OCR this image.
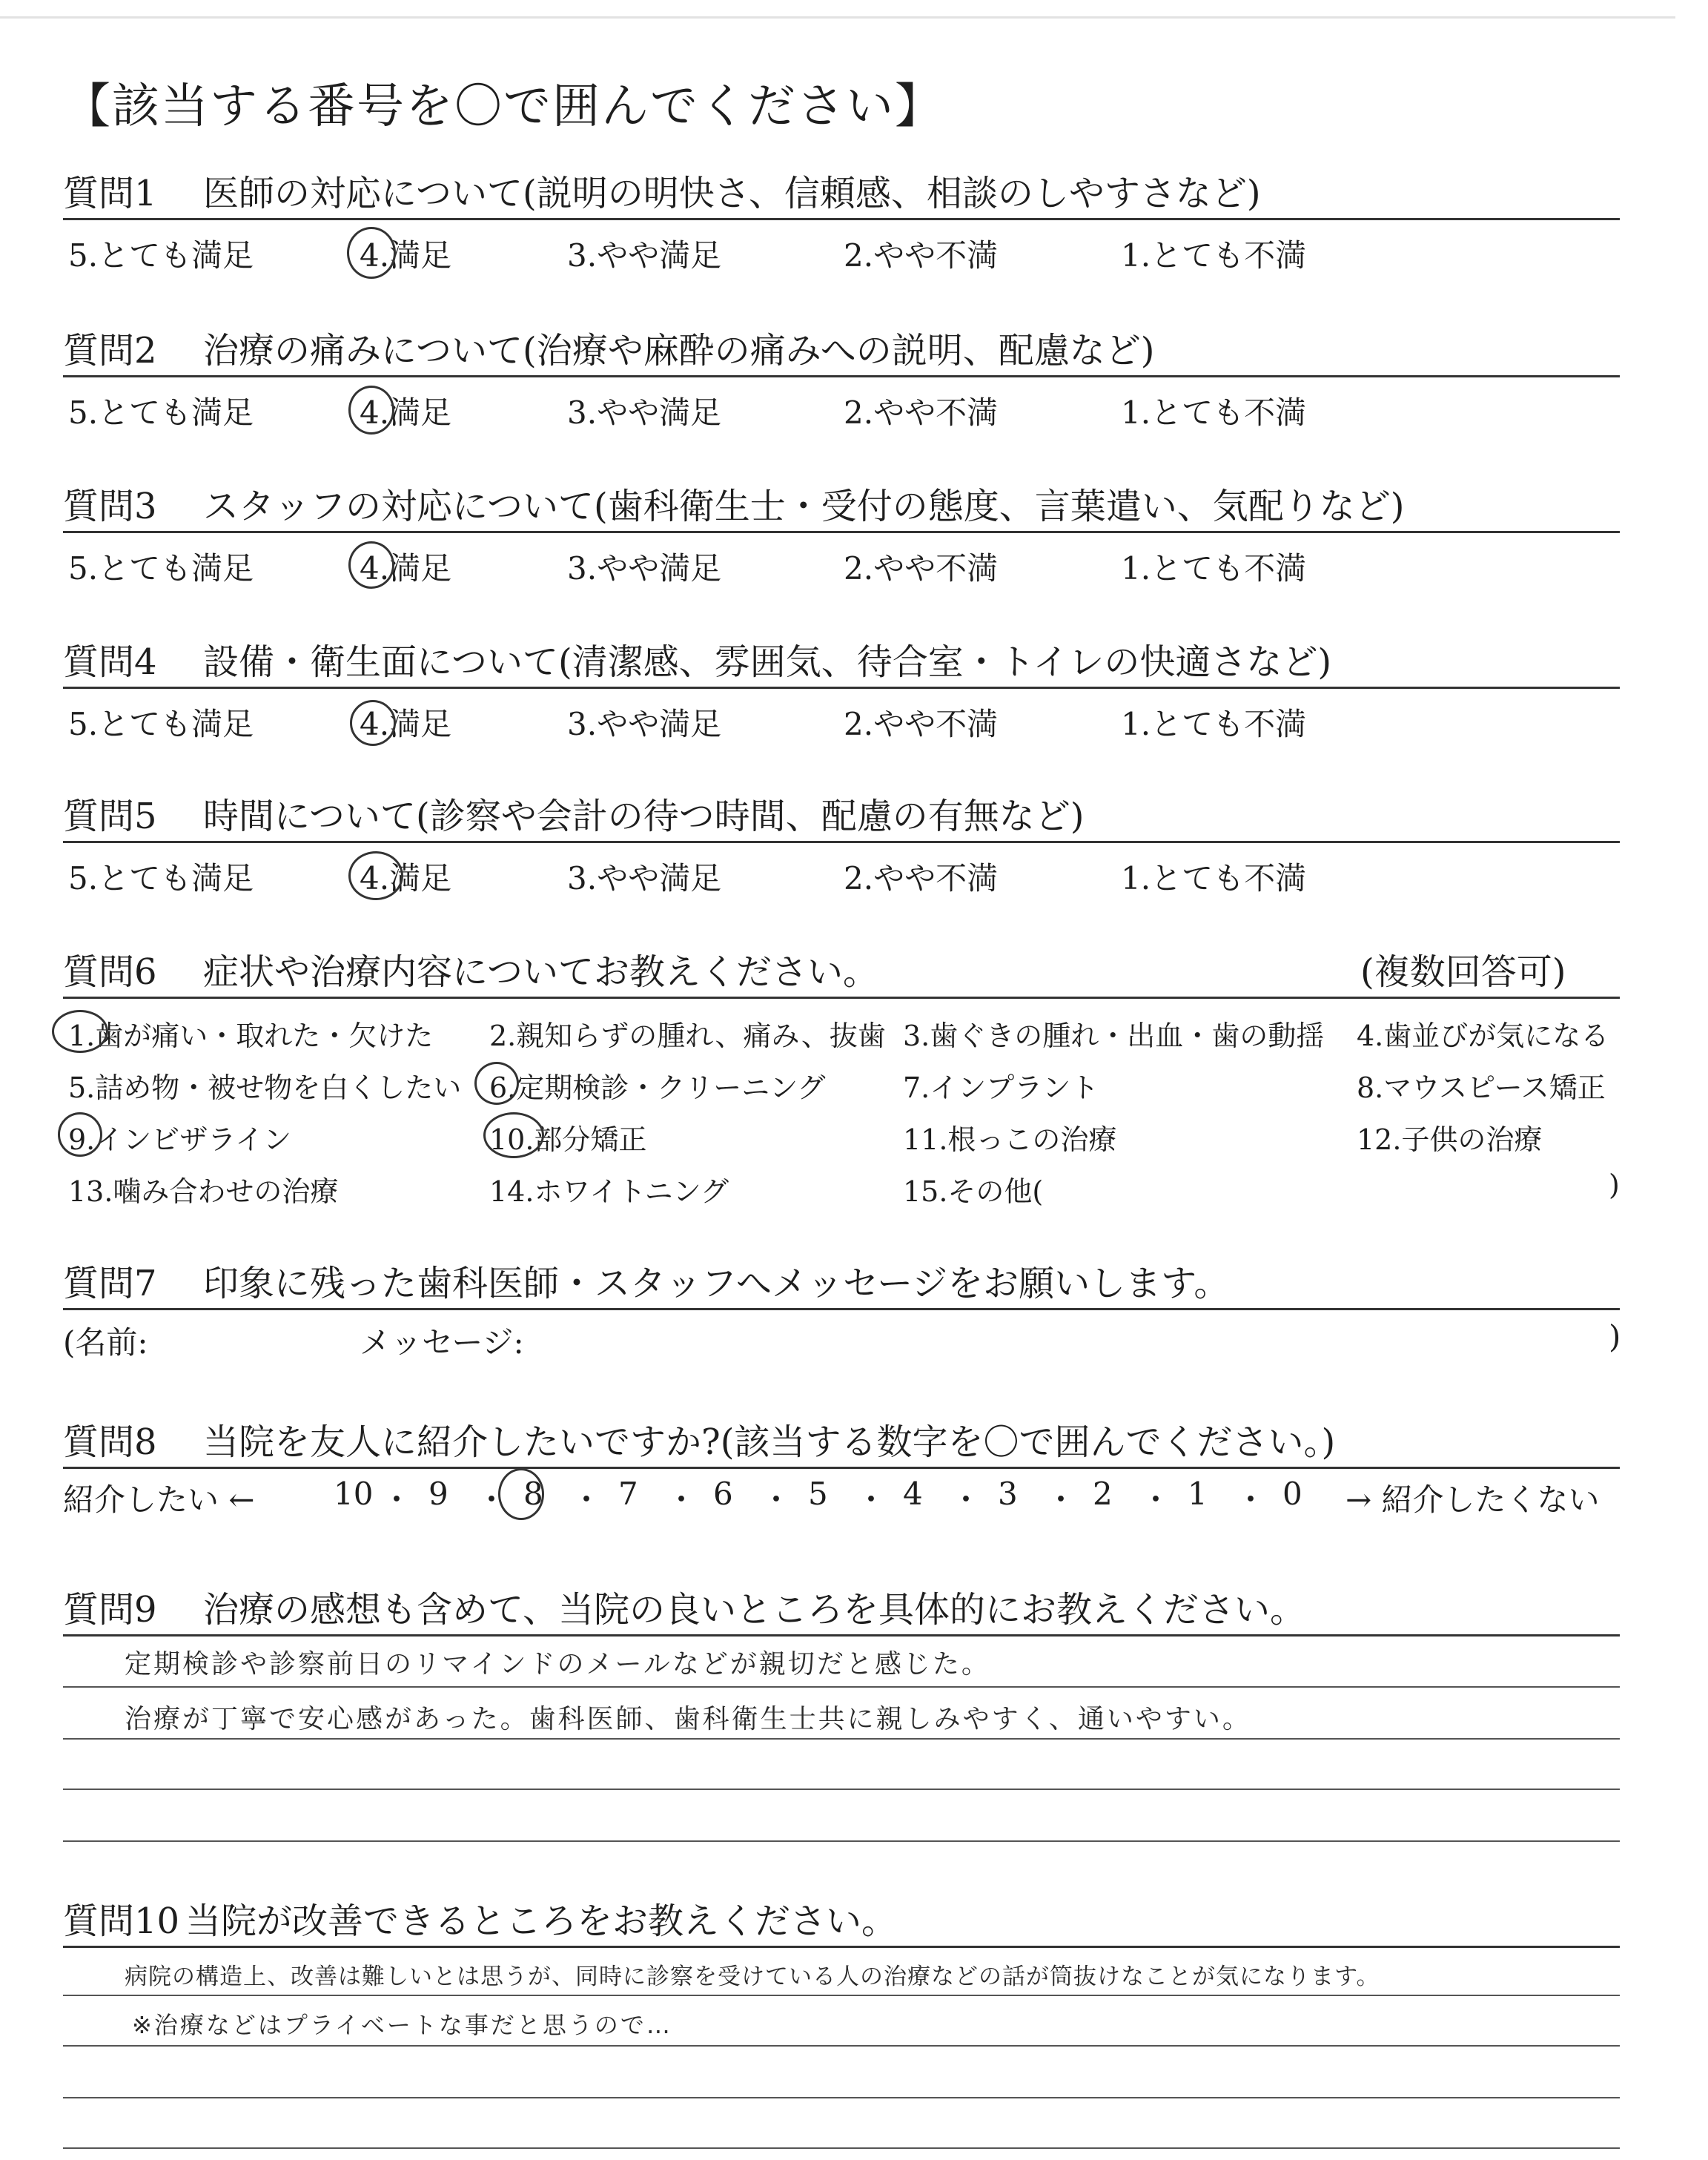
【該当する番号を〇で囲んでください】
質問1 医師の対応について(説明の明快さ、信頼感、相談のしやすさなど)
5.とても満足	4.満足	3.やや満足	2.やや不満	1.とても不満
質問2 治療の痛みについて(治療や麻酔の痛みへの説明、配慮など)
5.とても満足	4.満足	3.やや満足	2.やや不満	1.とても不満
質問3 スタッフの対応について(歯科衛生士・受付の態度、言葉遣い、気配りなど)
5.とても満足	4.満足	3.やや満足	2.やや不満	1.とても不満
質問4 設備・衛生面について(清潔感、雰囲気、待合室・トイレの快適さなど)
5.とても満足	4.満足	3.やや満足	2.やや不満	1.とても不満
質問5 時間について(診察や会計の待つ時間、配慮の有無など)
5.とても満足	4.満足	3.やや満足	2.やや不満	1.とても不満
質問6 症状や治療内容についてお教えください。	(複数回答可)
1.歯が痛い・取れた・欠けた 2.親知らずの腫れ、痛み、抜歯 3.歯ぐきの腫れ・出血・歯の動揺 4.歯並びが気になる
5.詰め物・被せ物を白くしたい 6.定期検診・クリーニング	7.インプラント	8.マウスピース矯正
9.インビザライン	10.部分矯正	11.根っこの治療	12.子供の治療
13.噛み合わせの治療	14.ホワイトニング	15.その他(	)
質問7 印象に残った歯科医師・スタッフへメッセージをお願いします。
(名前:	メッセージ:	)
質問8 当院を友人に紹介したいですか?(該当する数字を〇で囲んでください。)
紹介したい ←	10 ・ 9 ・ 8 ・ 7 ・ 6 ・ 5 ・ 4 ・ 3 ・ 2 ・ 1 ・ 0 → 紹介したくない
質問9 治療の感想も含めて、当院の良いところを具体的にお教えください。
定期検診や診察前日のリマインドのメールなどが親切だと感じた。
治療が丁寧で安心感があった。歯科医師、歯科衛生士共に親しみやすく、通いやすい。
質問10 当院が改善できるところをお教えください。
病院の構造上、改善は難しいとは思うが、同時に診察を受けている人の治療などの話が筒抜けなことが気になります。
※治療などはプライベートな事だと思うので…
